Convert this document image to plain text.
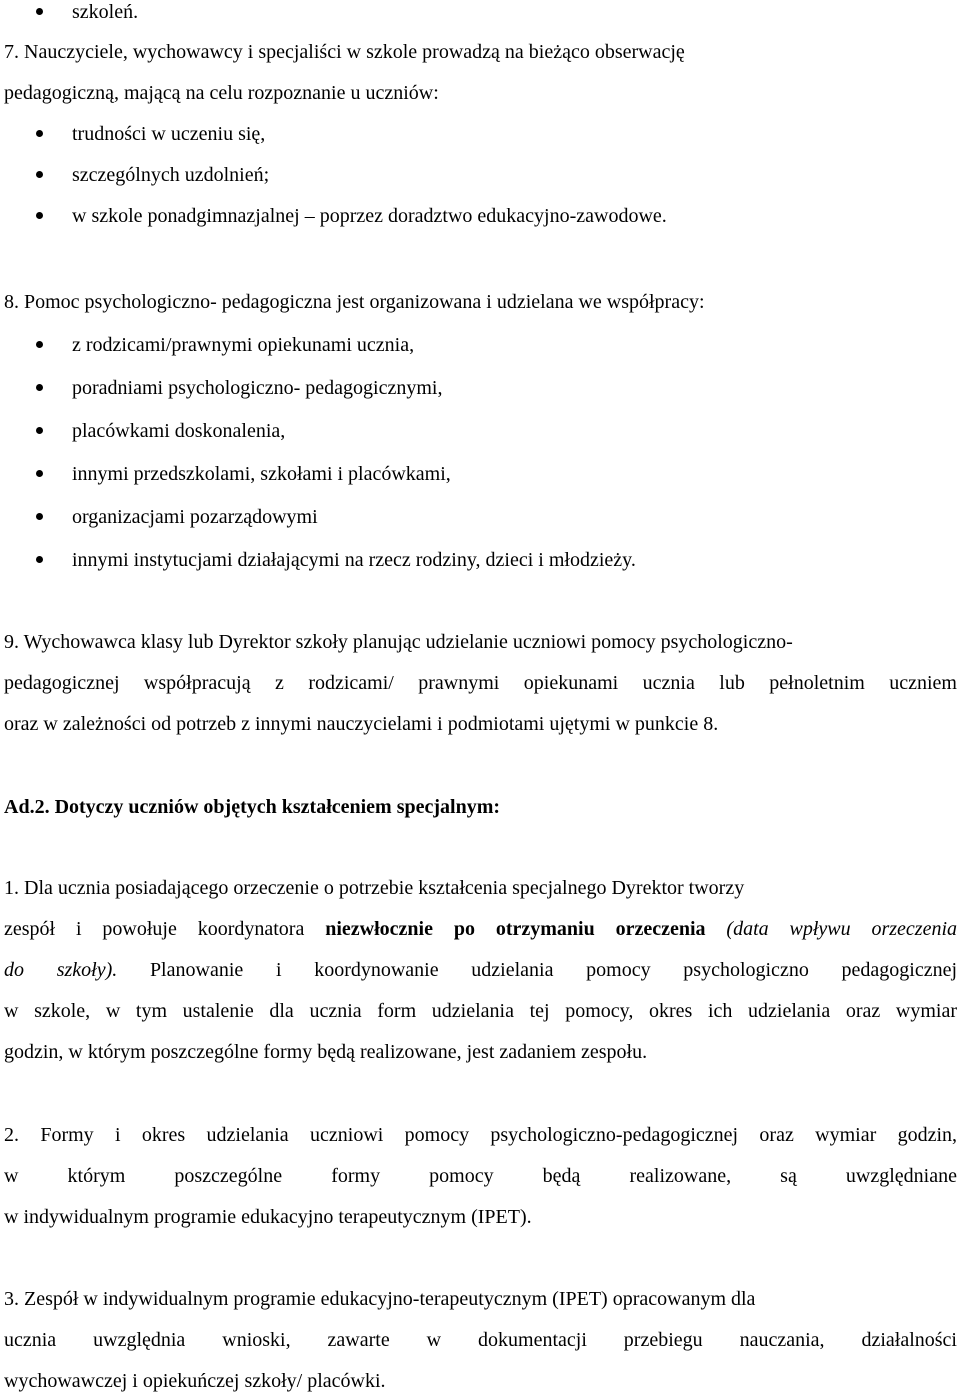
szkoleń.
7. Nauczyciele, wychowawcy i specjaliści w szkole prowadzą na bieżąco obserwację
pedagogiczną, mającą na celu rozpoznanie u uczniów:
trudności w uczeniu się,
szczególnych uzdolnień;
w szkole ponadgimnazjalnej – poprzez doradztwo edukacyjno-zawodowe.
8. Pomoc psychologiczno- pedagogiczna jest organizowana i udzielana we współpracy:
z rodzicami/prawnymi opiekunami ucznia,
poradniami psychologiczno- pedagogicznymi,
placówkami doskonalenia,
innymi przedszkolami, szkołami i placówkami,
organizacjami pozarządowymi
innymi instytucjami działającymi na rzecz rodziny, dzieci i młodzieży.
9. Wychowawca klasy lub Dyrektor szkoły planując udzielanie uczniowi pomocy psychologiczno-
pedagogicznej współpracują z rodzicami/ prawnymi opiekunami ucznia lub pełnoletnim uczniem
oraz w zależności od potrzeb z innymi nauczycielami i podmiotami ujętymi w punkcie 8.
Ad.2. Dotyczy uczniów objętych kształceniem specjalnym:
1. Dla ucznia posiadającego orzeczenie o potrzebie kształcenia specjalnego Dyrektor tworzy
zespół i powołuje koordynatora niezwłocznie po otrzymaniu orzeczenia (data wpływu orzeczenia
do szkoły). Planowanie i koordynowanie udzielania pomocy psychologiczno pedagogicznej
w szkole, w tym ustalenie dla ucznia form udzielania tej pomocy, okres ich udzielania oraz wymiar
godzin, w którym poszczególne formy będą realizowane, jest zadaniem zespołu.
2. Formy i okres udzielania uczniowi pomocy psychologiczno-pedagogicznej oraz wymiar godzin,
w którym poszczególne formy pomocy będą realizowane, są uwzględniane
w indywidualnym programie edukacyjno terapeutycznym (IPET).
3. Zespół w indywidualnym programie edukacyjno-terapeutycznym (IPET) opracowanym dla
ucznia uwzględnia wnioski, zawarte w dokumentacji przebiegu nauczania, działalności
wychowawczej i opiekuńczej szkoły/ placówki.
